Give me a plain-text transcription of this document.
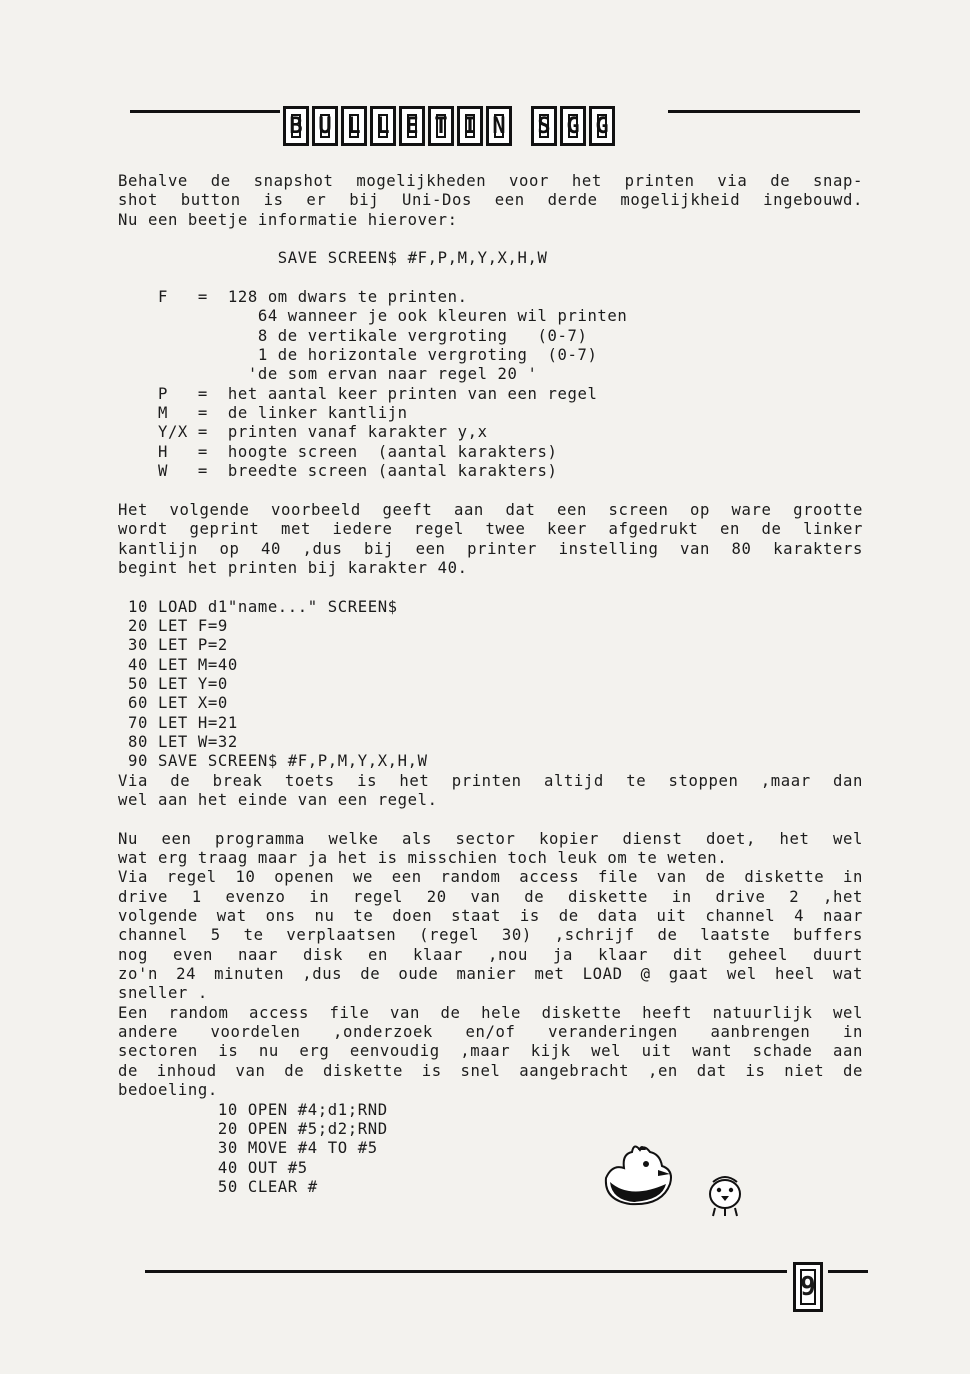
B U L L E T I N S G G
Behalve de snapshot mogelijkheden voor het printen via de snap-
shot button is er bij Uni-Dos een derde mogelijkheid ingebouwd.
Nu een beetje informatie hierover:
SAVE SCREEN$ #F,P,M,Y,X,H,W
F   =  128 om dwars te printen.
64 wanneer je ook kleuren wil printen
8 de vertikale vergroting   (0-7)
1 de horizontale vergroting  (0-7)
'de som ervan naar regel 20 '
P   =  het aantal keer printen van een regel
M   =  de linker kantlijn
Y/X =  printen vanaf karakter y,x
H   =  hoogte screen  (aantal karakters)
W   =  breedte screen (aantal karakters)
Het volgende voorbeeld geeft aan dat een screen op ware grootte
wordt geprint met iedere regel twee keer afgedrukt en de linker
kantlijn op 40 ,dus bij een printer instelling van 80 karakters
begint het printen bij karakter 40.
10 LOAD d1"name..." SCREEN$
20 LET F=9
30 LET P=2
40 LET M=40
50 LET Y=0
60 LET X=0
70 LET H=21
80 LET W=32
90 SAVE SCREEN$ #F,P,M,Y,X,H,W
Via de break toets is het printen altijd te stoppen ,maar dan
wel aan het einde van een regel.
Nu een programma welke als sector kopier dienst doet, het wel
wat erg traag maar ja het is misschien toch leuk om te weten.
Via regel 10 openen we een random access file van de diskette in
drive 1 evenzo in regel 20 van de diskette in drive 2 ,het
volgende wat ons nu te doen staat is de data uit channel 4 naar
channel 5 te verplaatsen (regel 30) ,schrijf de laatste buffers
nog even naar disk en klaar ,nou ja klaar dit geheel duurt
zo'n 24 minuten ,dus de oude manier met LOAD @ gaat wel heel wat
sneller .
Een random access file van de hele diskette heeft natuurlijk wel
andere voordelen ,onderzoek en/of veranderingen aanbrengen in
sectoren is nu erg eenvoudig ,maar kijk wel uit want schade aan
de inhoud van de diskette is snel aangebracht ,en dat is niet de
bedoeling.
10 OPEN #4;d1;RND
20 OPEN #5;d2;RND
30 MOVE #4 TO #5
40 OUT #5
50 CLEAR #
9
